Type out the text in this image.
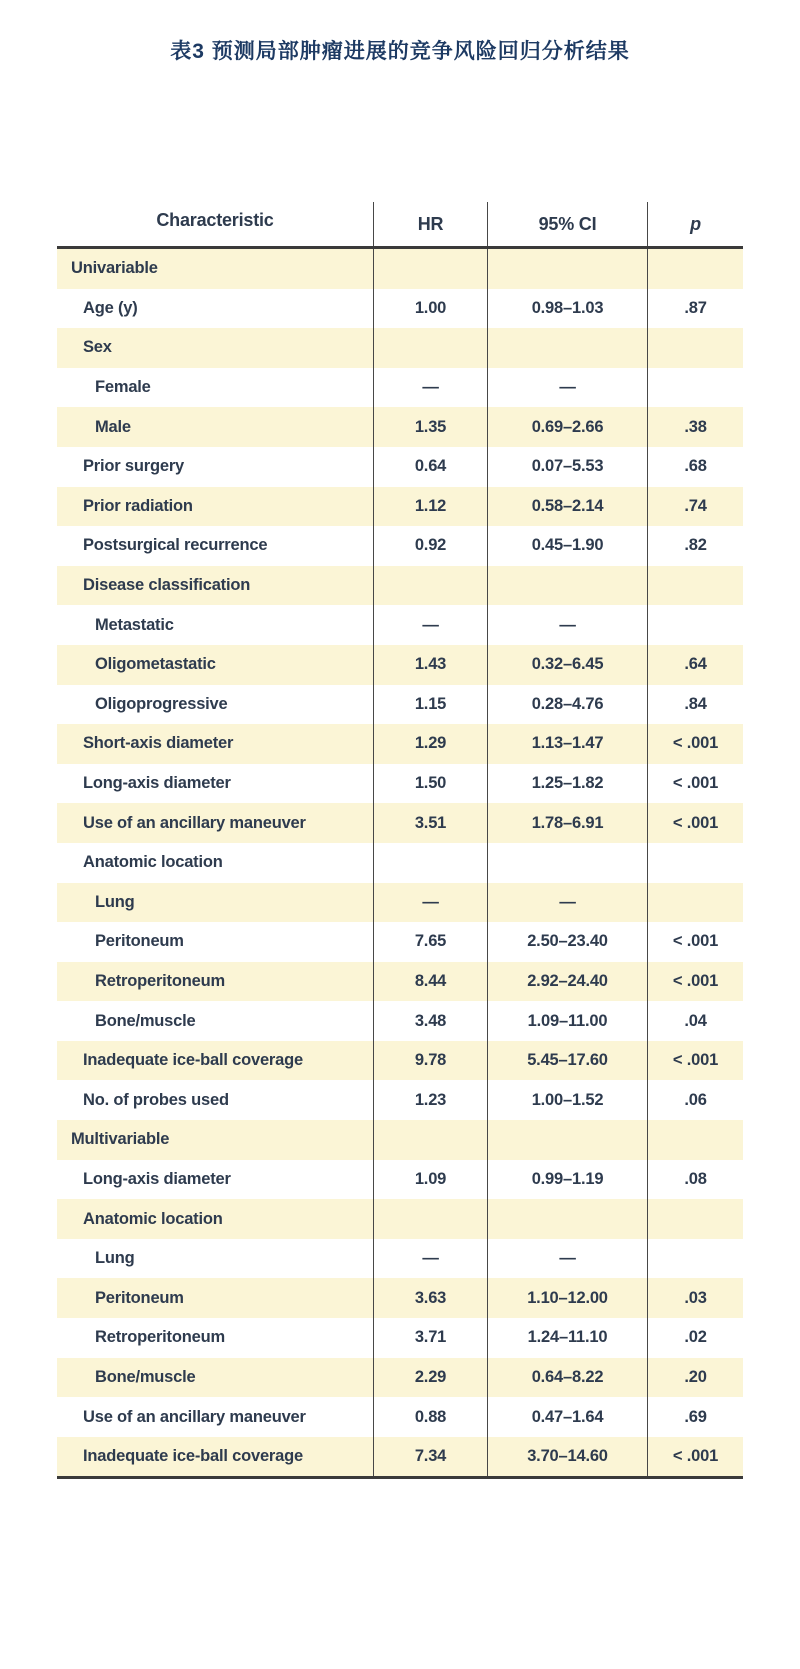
表3 预测局部肿瘤进展的竞争风险回归分析结果
Characteristic	HR	95% CI	p
Univariable
Age (y)	1.00	0.98–1.03	.87
Sex
Female	—	—
Male	1.35	0.69–2.66	.38
Prior surgery	0.64	0.07–5.53	.68
Prior radiation	1.12	0.58–2.14	.74
Postsurgical recurrence	0.92	0.45–1.90	.82
Disease classification
Metastatic	—	—
Oligometastatic	1.43	0.32–6.45	.64
Oligoprogressive	1.15	0.28–4.76	.84
Short-axis diameter	1.29	1.13–1.47	< .001
Long-axis diameter	1.50	1.25–1.82	< .001
Use of an ancillary maneuver	3.51	1.78–6.91	< .001
Anatomic location
Lung	—	—
Peritoneum	7.65	2.50–23.40	< .001
Retroperitoneum	8.44	2.92–24.40	< .001
Bone/muscle	3.48	1.09–11.00	.04
Inadequate ice-ball coverage	9.78	5.45–17.60	< .001
No. of probes used	1.23	1.00–1.52	.06
Multivariable
Long-axis diameter	1.09	0.99–1.19	.08
Anatomic location
Lung	—	—
Peritoneum	3.63	1.10–12.00	.03
Retroperitoneum	3.71	1.24–11.10	.02
Bone/muscle	2.29	0.64–8.22	.20
Use of an ancillary maneuver	0.88	0.47–1.64	.69
Inadequate ice-ball coverage	7.34	3.70–14.60	< .001
